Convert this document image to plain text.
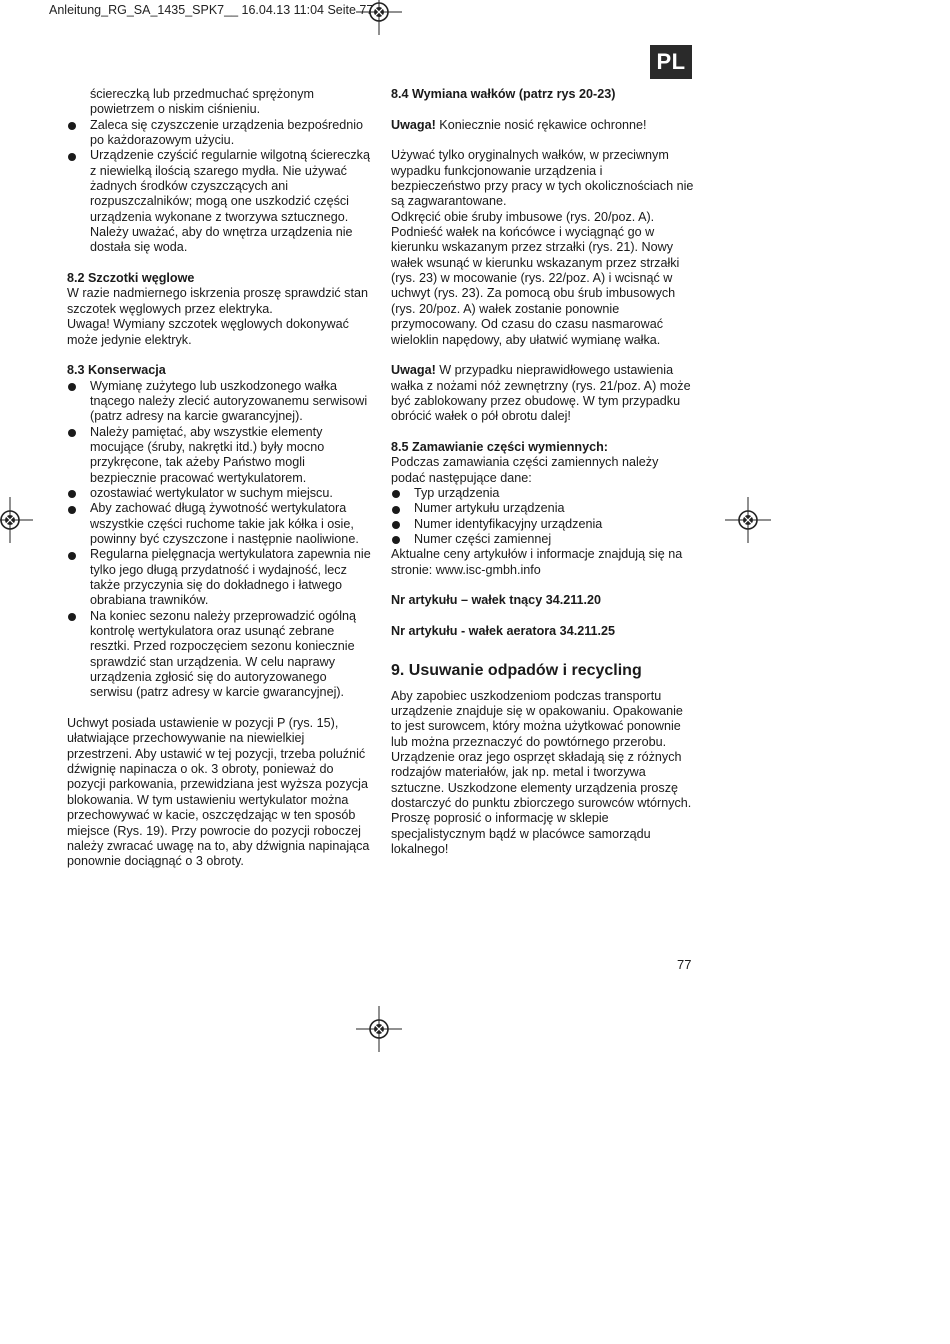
Anleitung_RG_SA_1435_SPK7__ 16.04.13 11:04 Seite 77
PL

ściereczką lub przedmuchać sprężonym powietrzem o niskim ciśnieniu.

Zaleca się czyszczenie urządzenia bezpośrednio po każdorazowym użyciu.
Urządzenie czyścić regularnie wilgotną ściereczką z niewielką ilością szarego mydła. Nie używać żadnych środków czyszczących ani rozpuszczalników; mogą one uszkodzić części urządzenia wykonane z tworzywa sztucznego. Należy uważać, aby do wnętrza urządzenia nie dostała się woda.

8.2 Szczotki węglowe

W razie nadmiernego iskrzenia proszę sprawdzić stan szczotek węglowych przez elektryka.

Uwaga! Wymiany szczotek węglowych dokonywać może jedynie elektryk.

8.3 Konserwacja

Wymianę zużytego lub uszkodzonego wałka tnącego należy zlecić autoryzowanemu serwisowi (patrz adresy na karcie gwarancyjnej).
Należy pamiętać, aby wszystkie elementy mocujące (śruby, nakrętki itd.) były mocno przykręcone, tak ażeby Państwo mogli bezpiecznie pracować wertykulatorem.
ozostawiać wertykulator w suchym miejscu.
Aby zachować długą żywotność wertykulatora wszystkie części ruchome takie jak kółka i osie, powinny być czyszczone i następnie naoliwione.
Regularna pielęgnacja wertykulatora zapewnia nie tylko jego długą przydatność i wydajność, lecz także przyczynia się do dokładnego i łatwego obrabiana trawników.
Na koniec sezonu należy przeprowadzić ogólną kontrolę wertykulatora oraz usunąć zebrane resztki. Przed rozpoczęciem sezonu koniecznie sprawdzić stan urządzenia. W celu naprawy urządzenia zgłosić się do autoryzowanego serwisu (patrz adresy w karcie gwarancyjnej).

Uchwyt posiada ustawienie w pozycji P (rys. 15), ułatwiające przechowywanie na niewielkiej przestrzeni. Aby ustawić w tej pozycji, trzeba poluźnić dźwignię napinacza o ok. 3 obroty, ponieważ do pozycji parkowania, przewidziana jest wyższa pozycja blokowania. W tym ustawieniu wertykulator można przechowywać w kacie, oszczędzając w ten sposób miejsce (Rys. 19). Przy powrocie do pozycji roboczej należy zwracać uwagę na to, aby dźwignia napinająca ponownie dociągnąć o 3 obroty.

8.4 Wymiana wałków (patrz rys 20-23)

Uwaga! Koniecznie nosić rękawice ochronne!

Używać tylko oryginalnych wałków, w przeciwnym wypadku funkcjonowanie urządzenia i bezpieczeństwo przy pracy w tych okolicznościach nie są zagwarantowane.

Odkręcić obie śruby imbusowe (rys. 20/poz. A). Podnieść wałek na końcówce i wyciągnąć go w kierunku wskazanym przez strzałki (rys. 21). Nowy wałek wsunąć w kierunku wskazanym przez strzałki (rys. 23) w mocowanie (rys. 22/poz. A) i wcisnąć w uchwyt (rys. 23). Za pomocą obu śrub imbusowych (rys. 20/poz. A) wałek zostanie ponownie przymocowany. Od czasu do czasu nasmarować wieloklin napędowy, aby ułatwić wymianę wałka.

Uwaga! W przypadku nieprawidłowego ustawienia wałka z nożami nóż zewnętrzny (rys. 21/poz. A) może być zablokowany przez obudowę. W tym przypadku obrócić wałek o pół obrotu dalej!

8.5 Zamawianie części wymiennych:

Podczas zamawiania części zamiennych należy podać następujące dane:

Typ urządzenia
Numer artykułu urządzenia
Numer identyfikacyjny urządzenia
Numer części zamiennej

Aktualne ceny artykułów i informacje znajdują się na stronie: www.isc-gmbh.info

Nr artykułu – wałek tnący 34.211.20

Nr artykułu - wałek aeratora 34.211.25

9. Usuwanie odpadów i recycling

Aby zapobiec uszkodzeniom podczas transportu urządzenie znajduje się w opakowaniu. Opakowanie to jest surowcem, który można użytkować ponownie lub można przeznaczyć do powtórnego przerobu. Urządzenie oraz jego osprzęt składają się z różnych rodzajów materiałów, jak np. metal i tworzywa sztuczne. Uszkodzone elementy urządzenia proszę dostarczyć do punktu zbiorczego surowców wtórnych. Proszę poprosić o informację w sklepie specjalistycznym bądź w placówce samorządu lokalnego!

77
